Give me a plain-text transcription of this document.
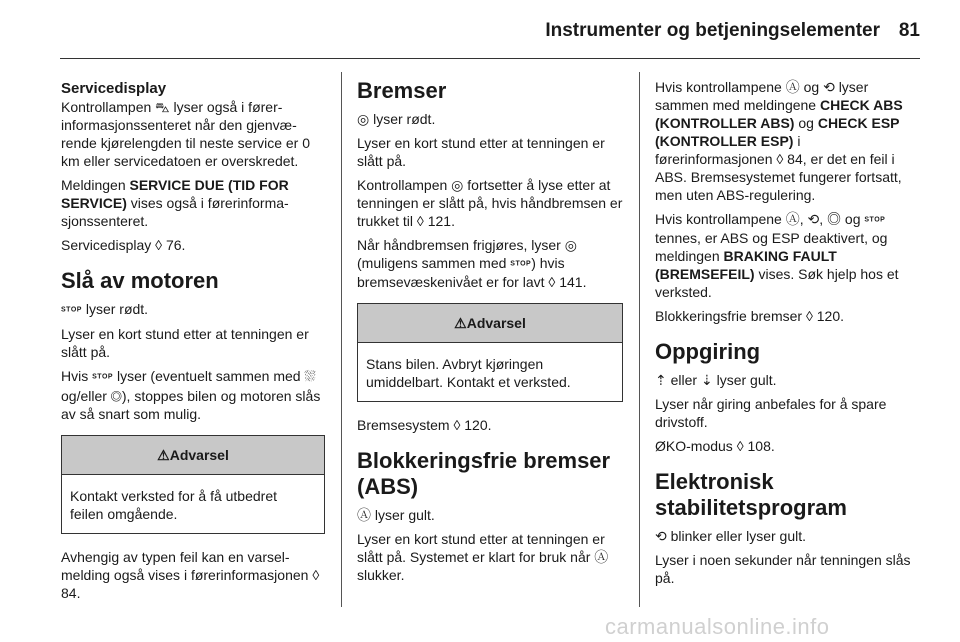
Instrumenter og betjeningselementer 81
Servicedisplay

Kontrollampen ⛍ lyser også i førerinformasjonssenteret når den gjenværende kjørelengden til neste service er 0 km eller servicedatoen er overskredet.

Meldingen SERVICE DUE (TID FOR SERVICE) vises også i førerinformasjonssenteret.

Servicedisplay ◊ 76.

Slå av motoren

STOP lyser rødt.

Lyser en kort stund etter at tenningen er slått på.

Hvis STOP lyser (eventuelt sammen med ⛆ og/eller ◎), stoppes bilen og motoren slås av så snart som mulig.

⚠Advarsel
Kontakt verksted for å få utbedret feilen omgående.

Avhengig av typen feil kan en varselmelding også vises i førerinformasjonen ◊ 84.

Bremser

◎ lyser rødt.

Lyser en kort stund etter at tenningen er slått på.

Kontrollampen ◎ fortsetter å lyse etter at tenningen er slått på, hvis håndbremsen er trukket til ◊ 121.

Når håndbremsen frigjøres, lyser ◎ (muligens sammen med STOP) hvis bremsevæskenivået er for lavt ◊ 141.

⚠Advarsel
Stans bilen. Avbryt kjøringen umiddelbart. Kontakt et verksted.

Bremsesystem ◊ 120.

Blokkeringsfrie bremser (ABS)

Ⓐ lyser gult.

Lyser en kort stund etter at tenningen er slått på. Systemet er klart for bruk når Ⓐ slukker.

Hvis kontrollampene Ⓐ og ⟲ lyser sammen med meldingene CHECK ABS (KONTROLLER ABS) og CHECK ESP (KONTROLLER ESP) i førerinformasjonen ◊ 84, er det en feil i ABS. Bremsesystemet fungerer fortsatt, men uten ABS-regulering.

Hvis kontrollampene Ⓐ, ⟲, ◎ og STOP tennes, er ABS og ESP deaktivert, og meldingen BRAKING FAULT (BREMSEFEIL) vises. Søk hjelp hos et verksted.

Blokkeringsfrie bremser ◊ 120.

Oppgiring

⇡ eller ⇣ lyser gult.

Lyser når giring anbefales for å spare drivstoff.

ØKO-modus ◊ 108.

Elektronisk stabilitetsprogram

⟲ blinker eller lyser gult.

Lyser i noen sekunder når tenningen slås på.

carmanualsonline.info
